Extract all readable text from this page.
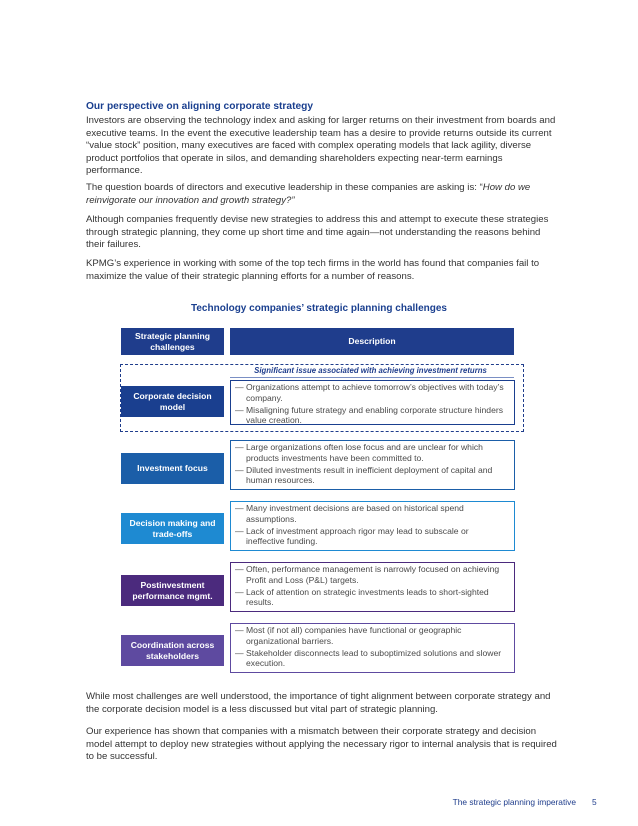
Our perspective on aligning corporate strategy

Investors are observing the technology index and asking for larger returns on their investment from boards and executive teams. In the event the executive leadership team has a desire to provide returns outside its current “value stock” position, many executives are faced with complex operating models that lack agility, diverse product portfolios that operate in silos, and demanding shareholders expecting near-term earnings performance.

The question boards of directors and executive leadership in these companies are asking is: “How do we reinvigorate our innovation and growth strategy?”

Although companies frequently devise new strategies to address this and attempt to execute these strategies through strategic planning, they come up short time and time again—not understanding the reasons behind their failures.

KPMG’s experience in working with some of the top tech firms in the world has found that companies fail to maximize the value of their strategic planning efforts for a number of reasons.

Technology companies’ strategic planning challenges
Strategic planning challenges
Description
Significant issue associated with achieving investment returns
Corporate decision model
— Organizations attempt to achieve tomorrow’s objectives with today’s company.
— Misaligning future strategy and enabling corporate structure hinders value creation.
Investment focus
— Large organizations often lose focus and are unclear for which products investments have been committed to.
— Diluted investments result in inefficient deployment of capital and human resources.
Decision making and trade-offs
— Many investment decisions are based on historical spend assumptions.
— Lack of investment approach rigor may lead to subscale or ineffective funding.
Postinvestment performance mgmt.
— Often, performance management is narrowly focused on achieving Profit and Loss (P&L) targets.
— Lack of attention on strategic investments leads to short-sighted results.
Coordination across stakeholders
— Most (if not all) companies have functional or geographic organizational barriers.
— Stakeholder disconnects lead to suboptimized solutions and slower execution.

While most challenges are well understood, the importance of tight alignment between corporate strategy and the corporate decision model is a less discussed but vital part of strategic planning.

Our experience has shown that companies with a mismatch between their corporate strategy and decision model attempt to deploy new strategies without applying the necessary rigor to internal analysis that is required to be successful.

The strategic planning imperative 5
